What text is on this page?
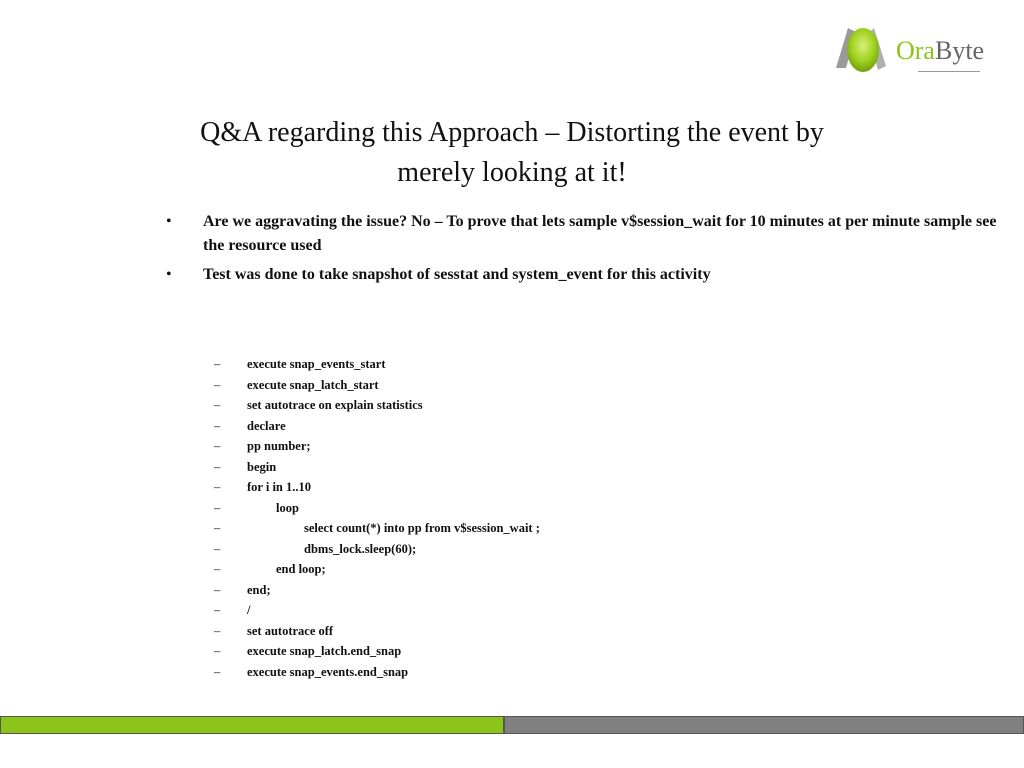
OraByte
Q&A regarding this Approach – Distorting the event by
merely looking at it!
• Are we aggravating the issue? No – To prove that lets sample v$session_wait for 10 minutes at per minute sample see the resource used
• Test was done to take snapshot of sesstat and system_event for this activity
– execute snap_events_start
– execute snap_latch_start
– set autotrace on explain statistics
– declare
– pp number;
– begin
– for i in 1..10
–	loop
–	select count(*) into pp from v$session_wait ;
–	dbms_lock.sleep(60);
–	end loop;
– end;
– /
– set autotrace off
– execute snap_latch.end_snap
– execute snap_events.end_snap
